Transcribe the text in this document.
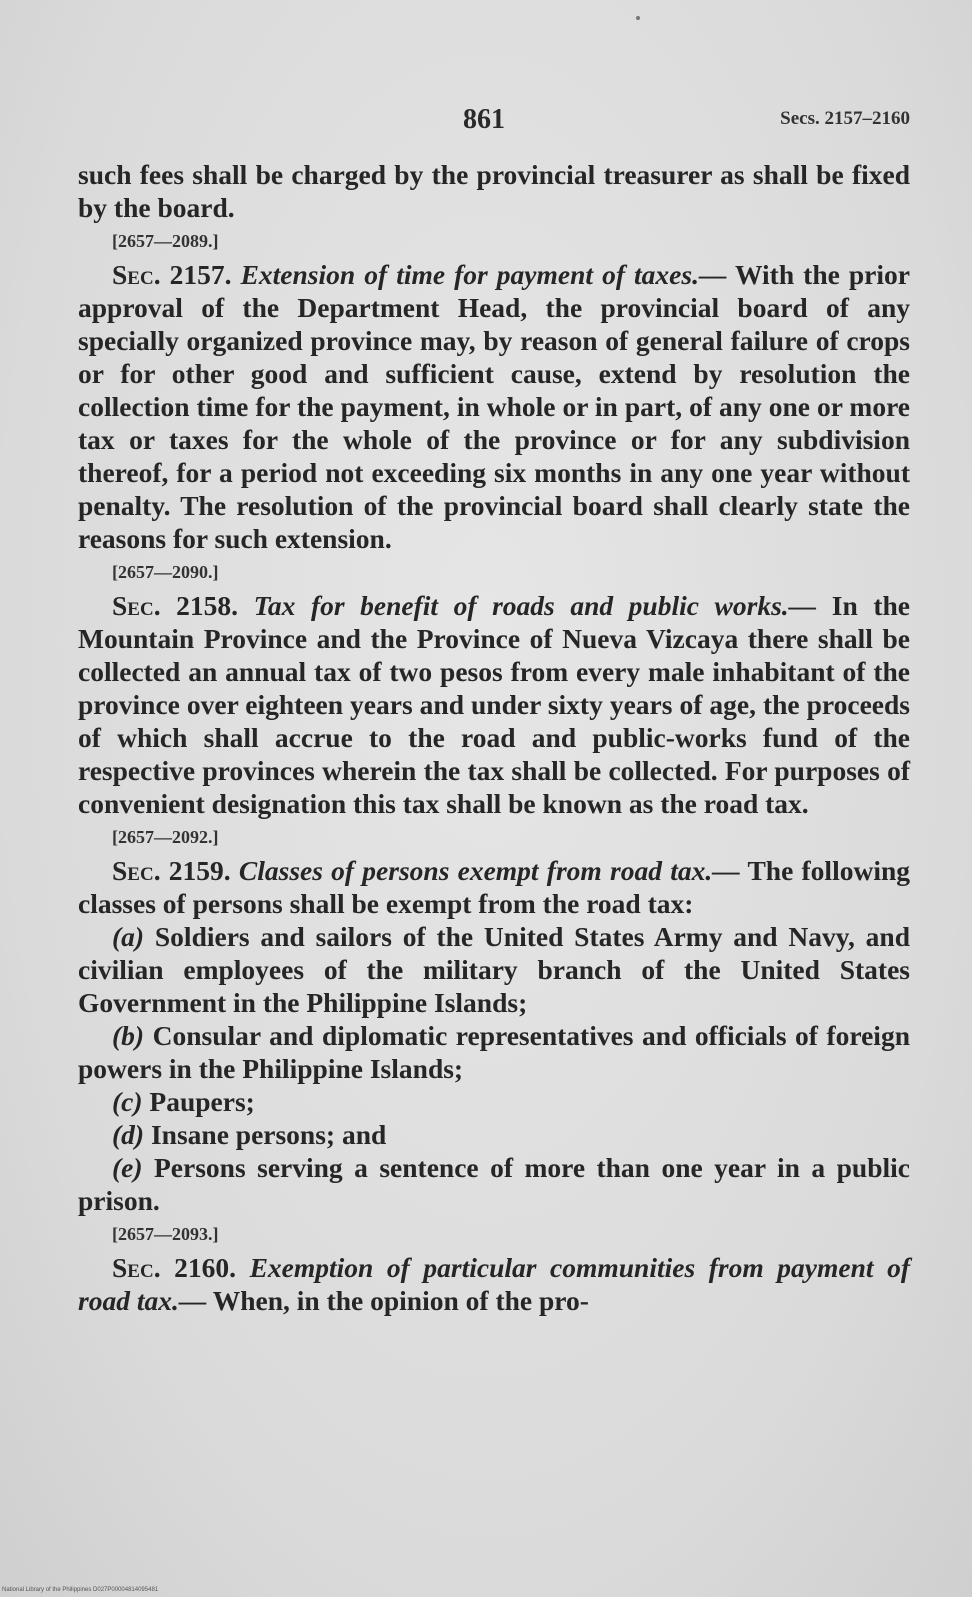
861	Secs. 2157–2160

such fees shall be charged by the provincial treasurer as shall be fixed by the board.

[2657—2089.]

Sec. 2157. Extension of time for payment of taxes.— With the prior approval of the Department Head, the provincial board of any specially organized province may, by reason of general failure of crops or for other good and sufficient cause, extend by resolution the collection time for the payment, in whole or in part, of any one or more tax or taxes for the whole of the province or for any subdivision thereof, for a period not exceeding six months in any one year without penalty. The resolution of the provincial board shall clearly state the reasons for such extension.

[2657—2090.]

Sec. 2158. Tax for benefit of roads and public works.— In the Mountain Province and the Province of Nueva Vizcaya there shall be collected an annual tax of two pesos from every male inhabitant of the province over eighteen years and under sixty years of age, the proceeds of which shall accrue to the road and public-works fund of the respective provinces wherein the tax shall be collected. For purposes of convenient designation this tax shall be known as the road tax.

[2657—2092.]

Sec. 2159. Classes of persons exempt from road tax.— The following classes of persons shall be exempt from the road tax:

(a) Soldiers and sailors of the United States Army and Navy, and civilian employees of the military branch of the United States Government in the Philippine Islands;

(b) Consular and diplomatic representatives and officials of foreign powers in the Philippine Islands;

(c) Paupers;

(d) Insane persons; and

(e) Persons serving a sentence of more than one year in a public prison.

[2657—2093.]

Sec. 2160. Exemption of particular communities from payment of road tax.— When, in the opinion of the pro-

National Library of the Philippines D027P00004814095481
